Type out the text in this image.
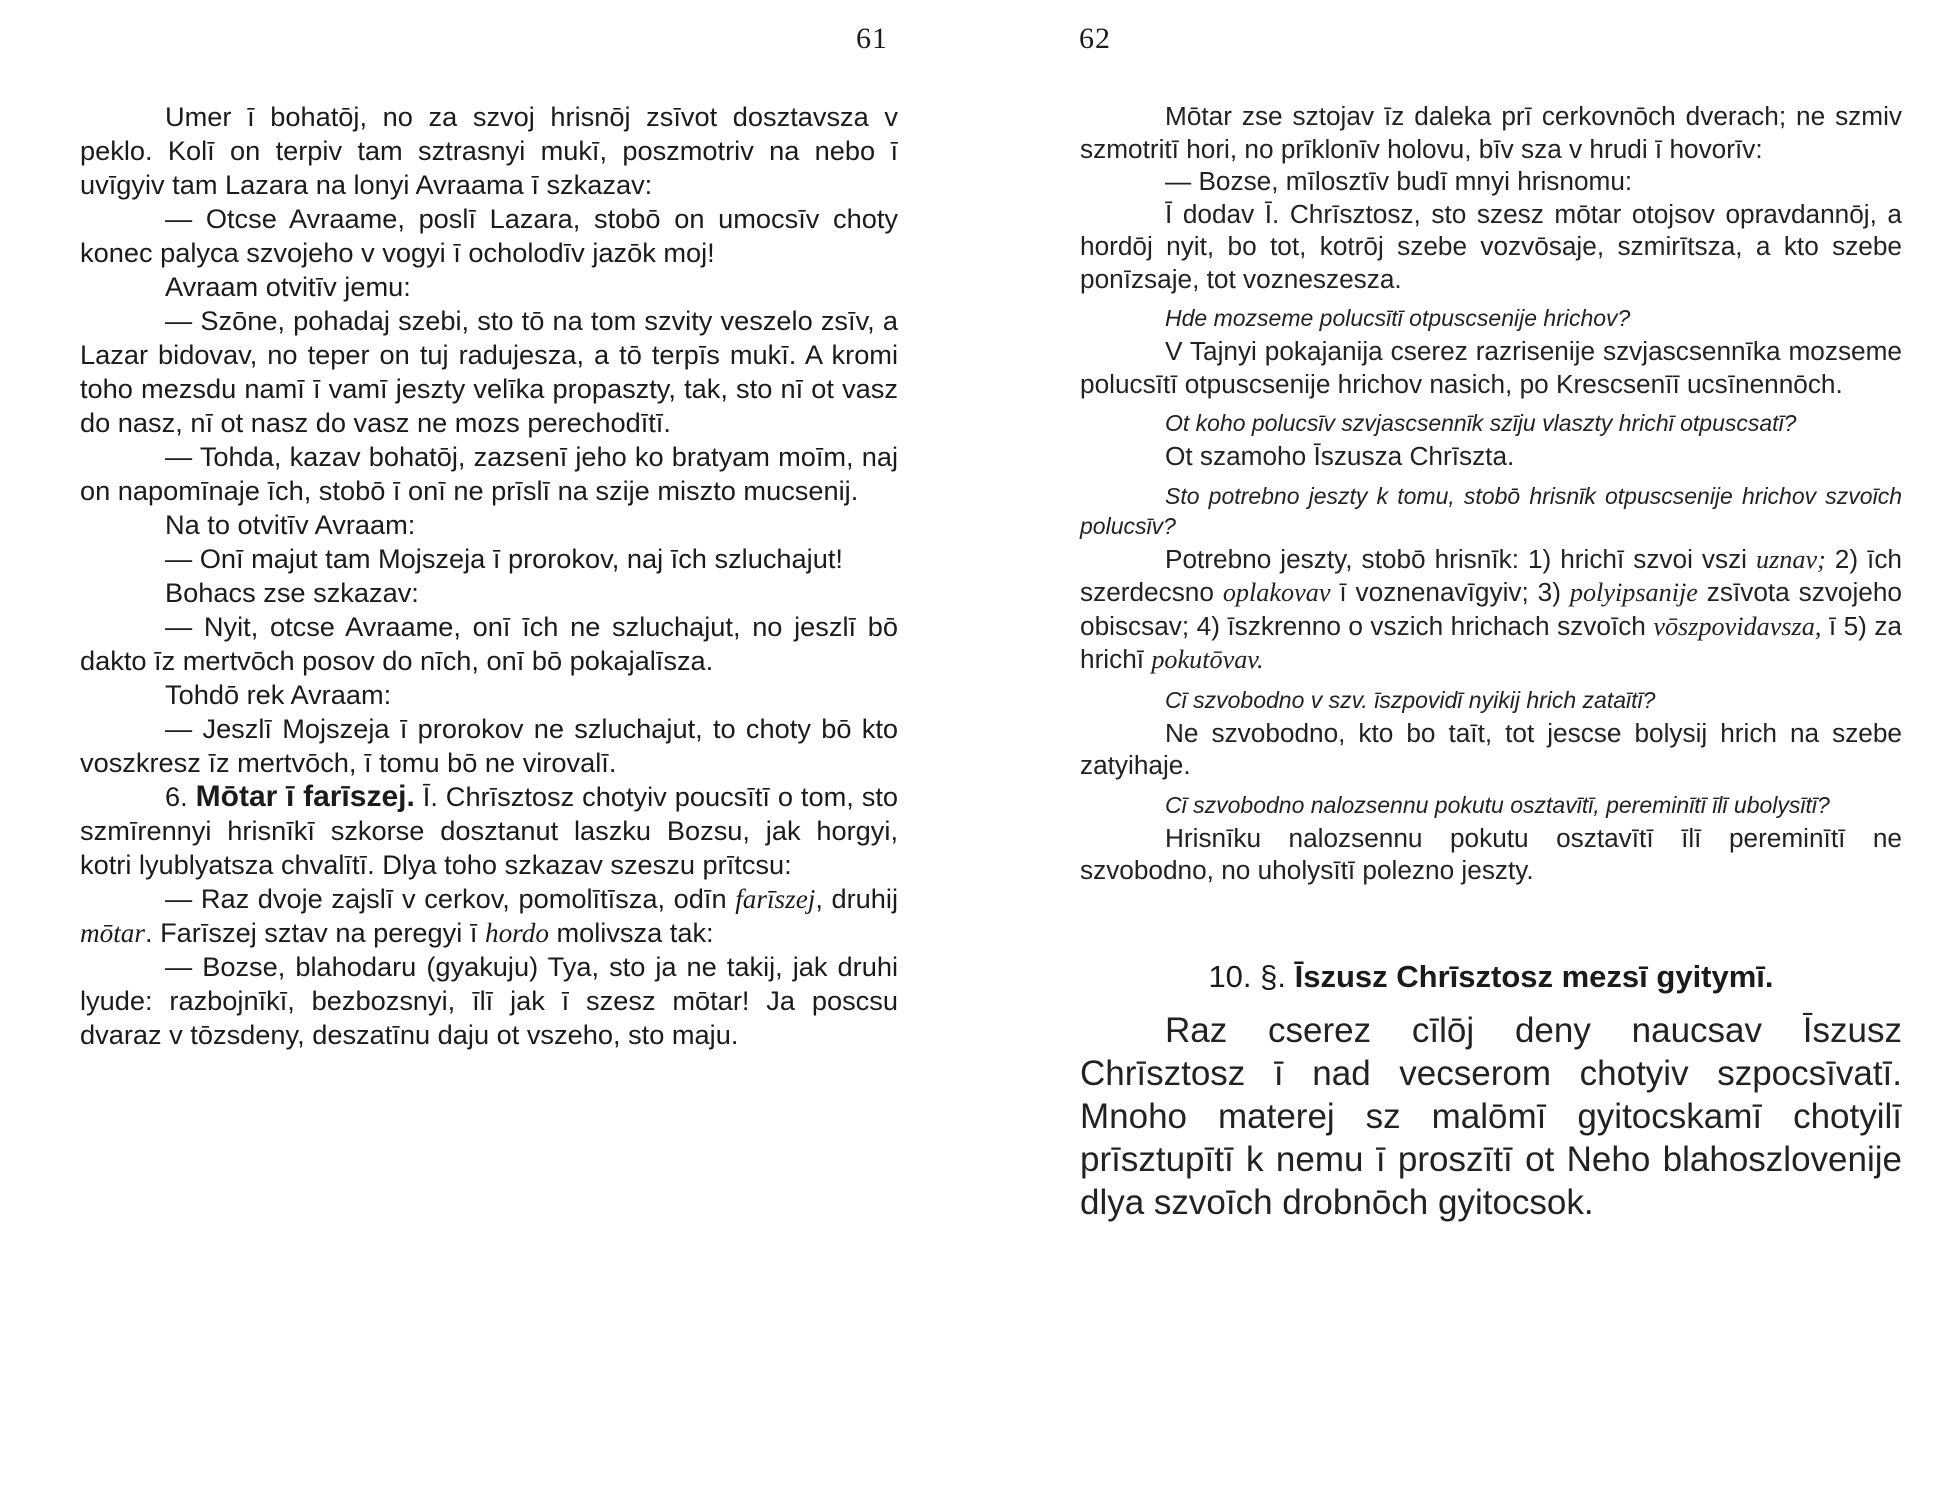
61

Umer ī bohatōj, no za szvoj hrisnōj zsīvot dosztavsza v peklo. Kolī on terpiv tam sztrasnyi mukī, poszmotriv na nebo ī uvīgyiv tam Lazara na lonyi Avraama ī szkazav:

— Otcse Avraame, poslī Lazara, stobō on umocsīv choty konec palyca szvojeho v vogyi ī ocholodīv jazōk moj!

Avraam otvitīv jemu:

— Szōne, pohadaj szebi, sto tō na tom szvity veszelo zsīv, a Lazar bidovav, no teper on tuj radujesza, a tō terpīs mukī. A kromi toho mezsdu namī ī vamī jeszty velīka propaszty, tak, sto nī ot vasz do nasz, nī ot nasz do vasz ne mozs perechodītī.

— Tohda, kazav bohatōj, zazsenī jeho ko bratyam moīm, naj on napomīnaje īch, stobō ī onī ne prīslī na szije miszto mucsenij.

Na to otvitīv Avraam:

— Onī majut tam Mojszeja ī prorokov, naj īch szluchajut!

Bohacs zse szkazav:

— Nyit, otcse Avraame, onī īch ne szluchajut, no jeszlī bō dakto īz mertvōch posov do nīch, onī bō pokajalīsza.

Tohdō rek Avraam:

— Jeszlī Mojszeja ī prorokov ne szluchajut, to choty bō kto voszkresz īz mertvōch, ī tomu bō ne virovalī.

6. Mōtar ī farīszej. Ī. Chrīsztosz chotyiv poucsītī o tom, sto szmīrennyi hrisnīkī szkorse dosztanut laszku Bozsu, jak horgyi, kotri lyublyatsza chvalītī. Dlya toho szkazav szeszu prītcsu:

— Raz dvoje zajslī v cerkov, pomolītīsza, odīn farīszej, druhij mōtar. Farīszej sztav na peregyi ī hordo molivsza tak:

— Bozse, blahodaru (gyakuju) Tya, sto ja ne takij, jak druhi lyude: razbojnīkī, bezbozsnyi, īlī jak ī szesz mōtar! Ja poscsu dvaraz v tōzsdeny, deszatīnu daju ot vszeho, sto maju.

62

Mōtar zse sztojav īz daleka prī cerkovnōch dverach; ne szmiv szmotritī hori, no prīklonīv holovu, bīv sza v hrudi ī hovorīv:

— Bozse, mīlosztīv budī mnyi hrisnomu:

Ī dodav Ī. Chrīsztosz, sto szesz mōtar otojsov opravdannōj, a hordōj nyit, bo tot, kotrōj szebe vozvōsaje, szmirītsza, a kto szebe ponīzsaje, tot vozneszesza.

Hde mozseme polucsītī otpuscsenije hrichov?

V Tajnyi pokajanija cserez razrisenije szvjascsennīka mozseme polucsītī otpuscsenije hrichov nasich, po Krescsenīī ucsīnennōch.

Ot koho polucsīv szvjascsennīk szīju vlaszty hrichī otpuscsatī?

Ot szamoho Īszusza Chrīszta.

Sto potrebno jeszty k tomu, stobō hrisnīk otpuscsenije hrichov szvoīch polucsīv?

Potrebno jeszty, stobō hrisnīk: 1) hrichī szvoi vszi uznav; 2) īch szerdecsno oplakovav ī voznenavīgyiv; 3) polyipsanije zsīvota szvojeho obiscsav; 4) īszkrenno o vszich hrichach szvoīch vōszpovidavsza, ī 5) za hrichī pokutōvav.

Cī szvobodno v szv. īszpovidī nyikij hrich zataītī?

Ne szvobodno, kto bo taīt, tot jescse bolysij hrich na szebe zatyihaje.

Cī szvobodno nalozsennu pokutu osztavītī, pereminītī īlī ubolysītī?

Hrisnīku nalozsennu pokutu osztavītī īlī pereminītī ne szvobodno, no uholysītī polezno jeszty.

10. §. Īszusz Chrīsztosz mezsī gyitymī.

Raz cserez cīlōj deny naucsav Īszusz Chrīsztosz ī nad vecserom chotyiv szpocsīvatī. Mnoho materej sz malōmī gyitocskamī chotyilī prīsztupītī k nemu ī proszītī ot Neho blahoszlovenije dlya szvoīch drobnōch gyitocsok.
